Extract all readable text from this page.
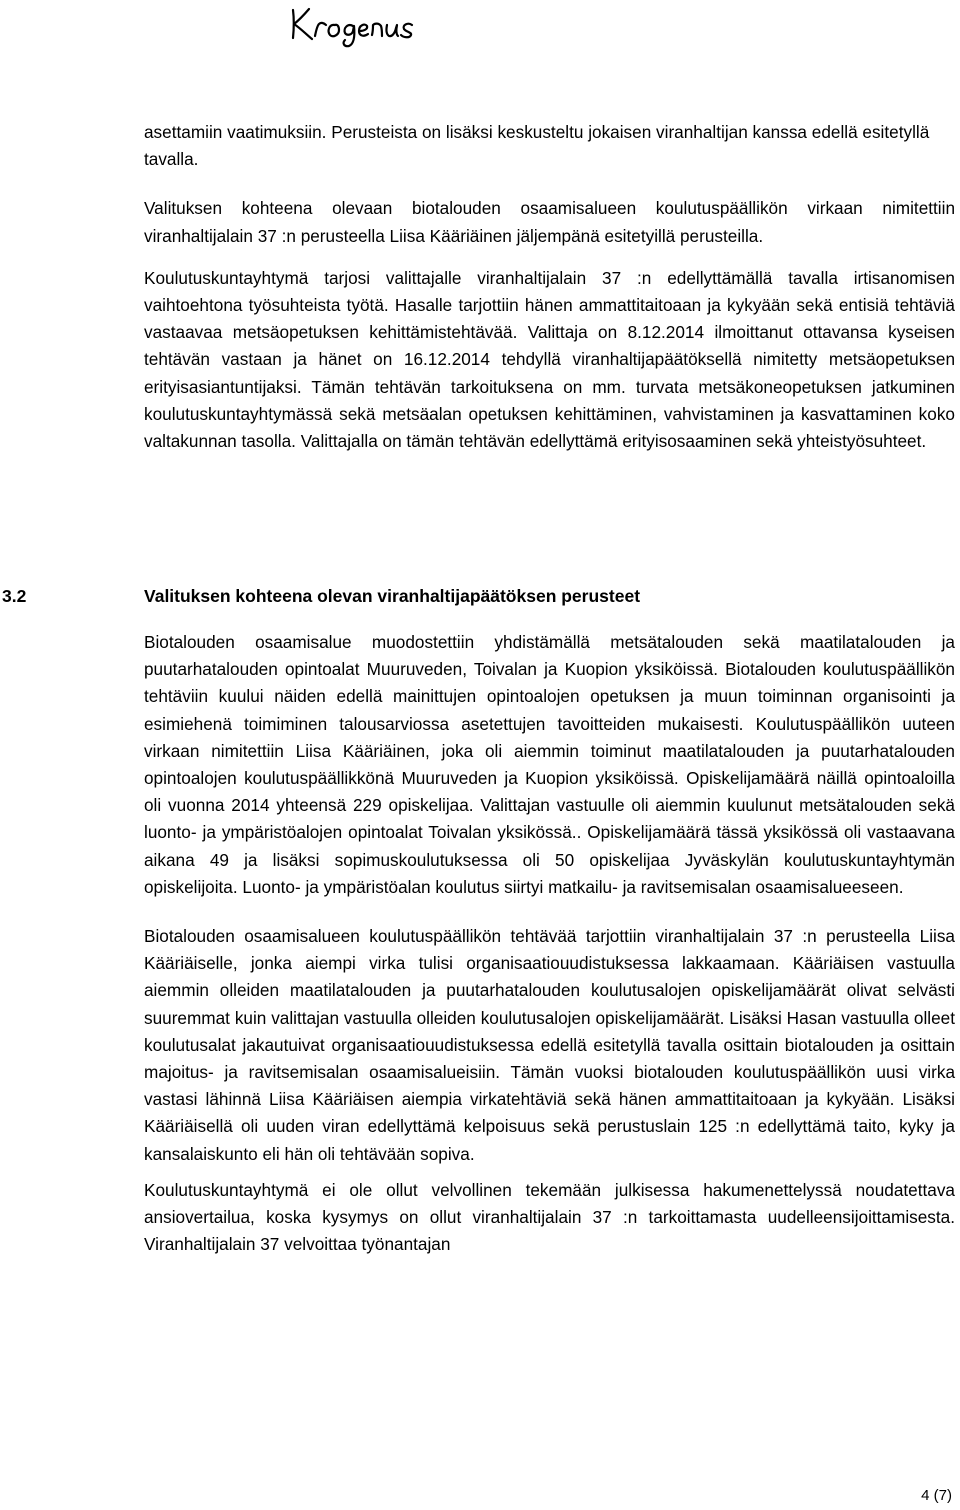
asettamiin vaatimuksiin. Perusteista on lisäksi keskusteltu jokaisen viranhaltijan kanssa edellä esitetyllä tavalla.

Valituksen kohteena olevaan biotalouden osaamisalueen koulutuspäällikön virkaan nimitettiin viranhaltijalain 37 :n perusteella Liisa Kääriäinen jäljempänä esitetyillä perusteilla.

Koulutuskuntayhtymä tarjosi valittajalle viranhaltijalain 37 :n edellyttämällä tavalla irtisanomisen vaihtoehtona työsuhteista työtä. Hasalle tarjottiin hänen ammattitaitoaan ja kykyään sekä entisiä tehtäviä vastaavaa metsäopetuksen kehittämistehtävää. Valittaja on 8.12.2014 ilmoittanut ottavansa kyseisen tehtävän vastaan ja hänet on 16.12.2014 tehdyllä viranhaltijapäätöksellä nimitetty metsäopetuksen erityisasiantuntijaksi. Tämän tehtävän tarkoituksena on mm. turvata metsäkoneopetuksen jatkuminen koulutuskuntayhtymässä sekä metsäalan opetuksen kehittäminen, vahvistaminen ja kasvattaminen koko valtakunnan tasolla. Valittajalla on tämän tehtävän edellyttämä erityisosaaminen sekä yhteistyösuhteet.

3.2	Valituksen kohteena olevan viranhaltijapäätöksen perusteet

Biotalouden osaamisalue muodostettiin yhdistämällä metsätalouden sekä maatilatalouden ja puutarhatalouden opintoalat Muuruveden, Toivalan ja Kuopion yksiköissä. Biotalouden koulutuspäällikön tehtäviin kuului näiden edellä mainittujen opintoalojen opetuksen ja muun toiminnan organisointi ja esimiehenä toimiminen talousarviossa asetettujen tavoitteiden mukaisesti. Koulutuspäällikön uuteen virkaan nimitettiin Liisa Kääriäinen, joka oli aiemmin toiminut maatilatalouden ja puutarhatalouden opintoalojen koulutuspäällikkönä Muuruveden ja Kuopion yksiköissä. Opiskelijamäärä näillä opintoaloilla oli vuonna 2014 yhteensä 229 opiskelijaa. Valittajan vastuulle oli aiemmin kuulunut metsätalouden sekä luonto- ja ympäristöalojen opintoalat Toivalan yksikössä.. Opiskelijamäärä tässä yksikössä oli vastaavana aikana 49 ja lisäksi sopimuskoulutuksessa oli 50 opiskelijaa Jyväskylän koulutuskuntayhtymän opiskelijoita. Luonto- ja ympäristöalan koulutus siirtyi matkailu- ja ravitsemisalan osaamisalueeseen.

Biotalouden osaamisalueen koulutuspäällikön tehtävää tarjottiin viranhaltijalain 37 :n perusteella Liisa Kääriäiselle, jonka aiempi virka tulisi organisaatiouudistuksessa lakkaamaan. Kääriäisen vastuulla aiemmin olleiden maatilatalouden ja puutarhatalouden koulutusalojen opiskelijamäärät olivat selvästi suuremmat kuin valittajan vastuulla olleiden koulutusalojen opiskelijamäärät. Lisäksi Hasan vastuulla olleet koulutusalat jakautuivat organisaatiouudistuksessa edellä esitetyllä tavalla osittain biotalouden ja osittain majoitus- ja ravitsemisalan osaamisalueisiin. Tämän vuoksi biotalouden koulutuspäällikön uusi virka vastasi lähinnä Liisa Kääriäisen aiempia virkatehtäviä sekä hänen ammattitaitoaan ja kykyään. Lisäksi Kääriäisellä oli uuden viran edellyttämä kelpoisuus sekä perustuslain 125 :n edellyttämä taito, kyky ja kansalaiskunto eli hän oli tehtävään sopiva.

Koulutuskuntayhtymä ei ole ollut velvollinen tekemään julkisessa hakumenettelyssä noudatettava ansiovertailua, koska kysymys on ollut viranhaltijalain 37 :n tarkoittamasta uudelleensijoittamisesta. Viranhaltijalain 37 velvoittaa työnantajan

4 (7)
